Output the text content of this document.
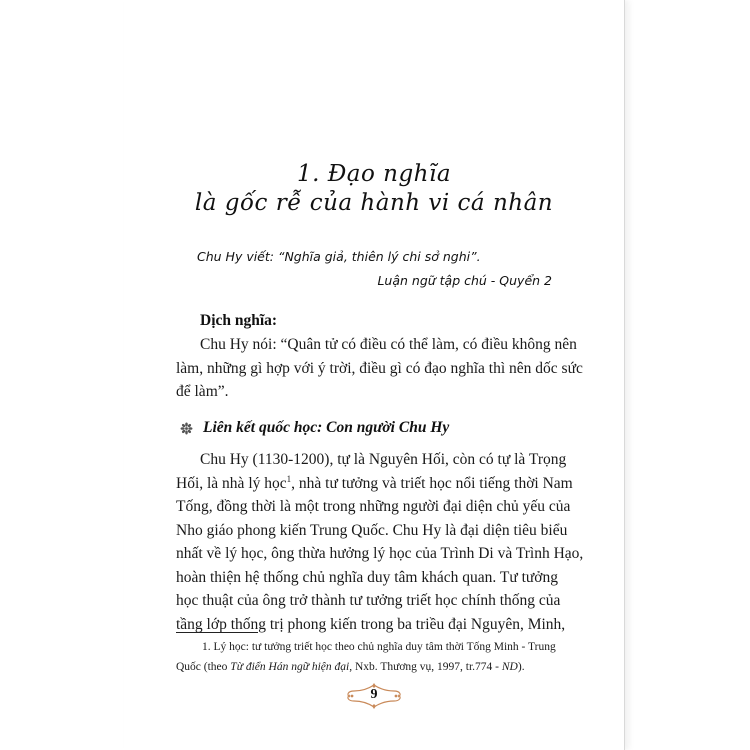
1. Đạo nghĩa
là gốc rễ của hành vi cá nhân
Chu Hy viết: “Nghĩa giả, thiên lý chi sở nghi”.
Luận ngữ tập chú - Quyển 2
Dịch nghĩa:
Chu Hy nói: “Quân tử có điều có thể làm, có điều không nên
làm, những gì hợp với ý trời, điều gì có đạo nghĩa thì nên dốc sức
để làm”.
Liên kết quốc học: Con người Chu Hy
Chu Hy (1130-1200), tự là Nguyên Hối, còn có tự là Trọng
Hối, là nhà lý học$^1$, nhà tư tưởng và triết học nổi tiếng thời Nam
Tống, đồng thời là một trong những người đại diện chủ yếu của
Nho giáo phong kiến Trung Quốc. Chu Hy là đại diện tiêu biểu
nhất về lý học, ông thừa hưởng lý học của Trình Di và Trình Hạo,
hoàn thiện hệ thống chủ nghĩa duy tâm khách quan. Tư tưởng
học thuật của ông trở thành tư tưởng triết học chính thống của
tầng lớp thống trị phong kiến trong ba triều đại Nguyên, Minh,
1. Lý học: tư tưởng triết học theo chủ nghĩa duy tâm thời Tống Minh - Trung
Quốc (theo Từ điển Hán ngữ hiện đại, Nxb. Thương vụ, 1997, tr.774 - ND).
9
